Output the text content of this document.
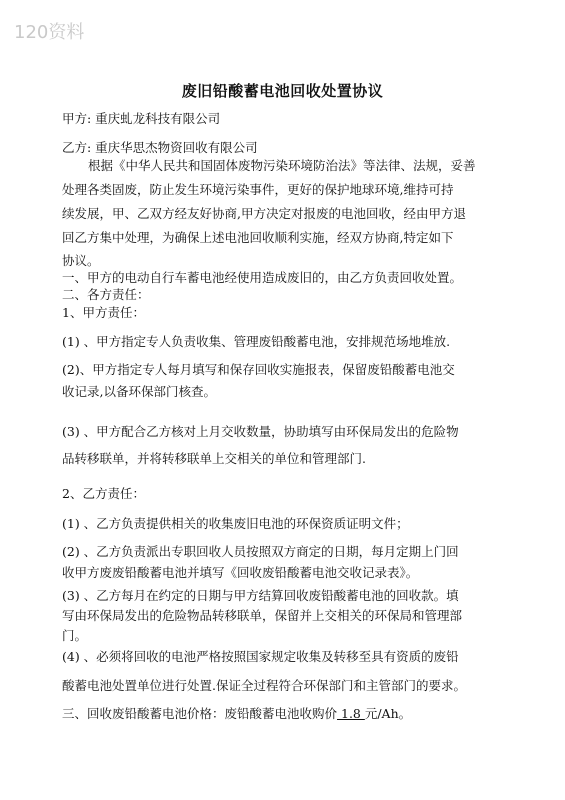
120资料
废旧铅酸蓄电池回收处置协议
甲方: 重庆虬龙科技有限公司
乙方: 重庆华思杰物资回收有限公司
根据《中华人民共和国固体废物污染环境防治法》等法律、法规，妥善
处理各类固废，防止发生环境污染事件，更好的保护地球环境,维持可持
续发展，甲、乙双方经友好协商,甲方决定对报废的电池回收，经由甲方退
回乙方集中处理，为确保上述电池回收顺利实施，经双方协商,特定如下
协议。
一、甲方的电动自行车蓄电池经使用造成废旧的，由乙方负责回收处置。
二、各方责任：
1、甲方责任：
(1) 、甲方指定专人负责收集、管理废铅酸蓄电池，安排规范场地堆放.
(2)、甲方指定专人每月填写和保存回收实施报表，保留废铅酸蓄电池交
收记录,以备环保部门核查。
(3) 、甲方配合乙方核对上月交收数量，协助填写由环保局发出的危险物
品转移联单，并将转移联单上交相关的单位和管理部门.
2、乙方责任：
(1) 、乙方负责提供相关的收集废旧电池的环保资质证明文件；
(2) 、乙方负责派出专职回收人员按照双方商定的日期，每月定期上门回
收甲方废废铅酸蓄电池并填写《回收废铅酸蓄电池交收记录表》。
(3) 、乙方每月在约定的日期与甲方结算回收废铅酸蓄电池的回收款。填
写由环保局发出的危险物品转移联单，保留并上交相关的环保局和管理部
门。
(4) 、必须将回收的电池严格按照国家规定收集及转移至具有资质的废铅
酸蓄电池处置单位进行处置.保证全过程符合环保部门和主管部门的要求。
三、回收废铅酸蓄电池价格：废铅酸蓄电池收购价 1.8 元/Ah。
